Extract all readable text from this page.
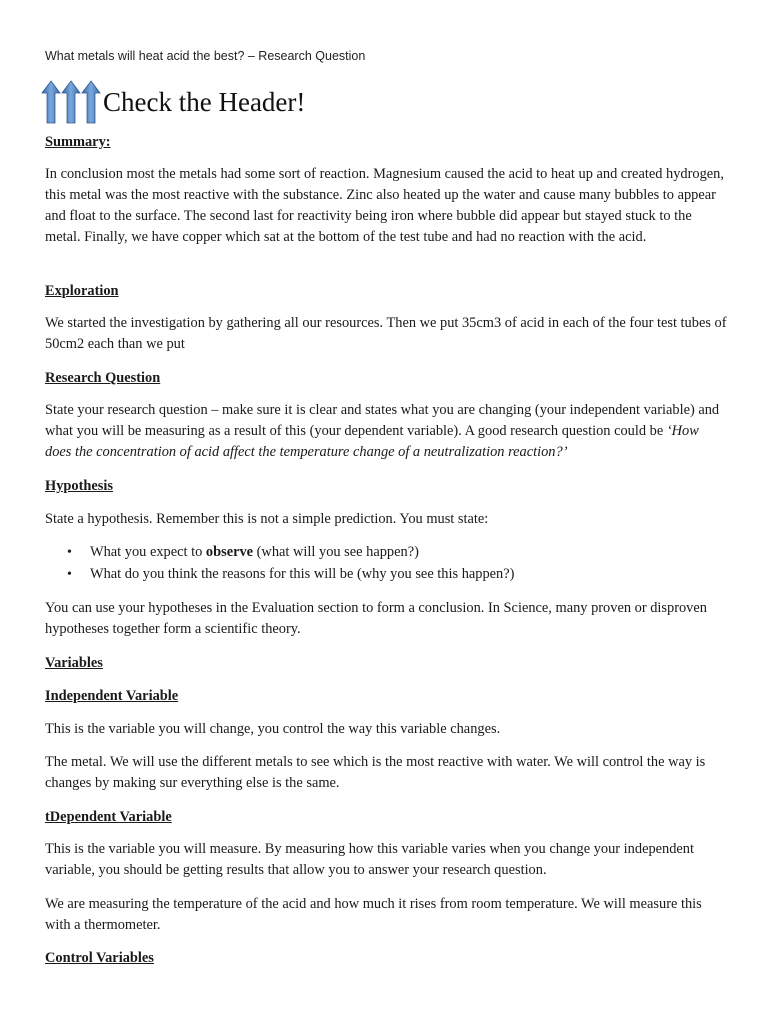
What metals will heat acid the best? – Research Question
Check the Header!
Summary:

In conclusion most the metals had some sort of reaction. Magnesium caused the acid to heat up and created hydrogen, this metal was the most reactive with the substance. Zinc also heated up the water and cause many bubbles to appear and float to the surface. The second last for reactivity being iron where bubble did appear but stayed stuck to the metal. Finally, we have copper which sat at the bottom of the test tube and had no reaction with the acid.

Exploration

We started the investigation by gathering all our resources. Then we put 35cm3 of acid in each of the four test tubes of 50cm2 each than we put

Research Question

State your research question – make sure it is clear and states what you are changing (your independent variable) and what you will be measuring as a result of this (your dependent variable). A good research question could be ‘How does the concentration of acid affect the temperature change of a neutralization reaction?’

Hypothesis

State a hypothesis. Remember this is not a simple prediction. You must state:

• What you expect to observe (what will you see happen?)
• What do you think the reasons for this will be (why you see this happen?)

You can use your hypotheses in the Evaluation section to form a conclusion. In Science, many proven or disproven hypotheses together form a scientific theory.

Variables
Independent Variable

This is the variable you will change, you control the way this variable changes.

The metal. We will use the different metals to see which is the most reactive with water. We will control the way is changes by making sur everything else is the same.

tDependent Variable

This is the variable you will measure. By measuring how this variable varies when you change your independent variable, you should be getting results that allow you to answer your research question.

We are measuring the temperature of the acid and how much it rises from room temperature. We will measure this with a thermometer.

Control Variables
